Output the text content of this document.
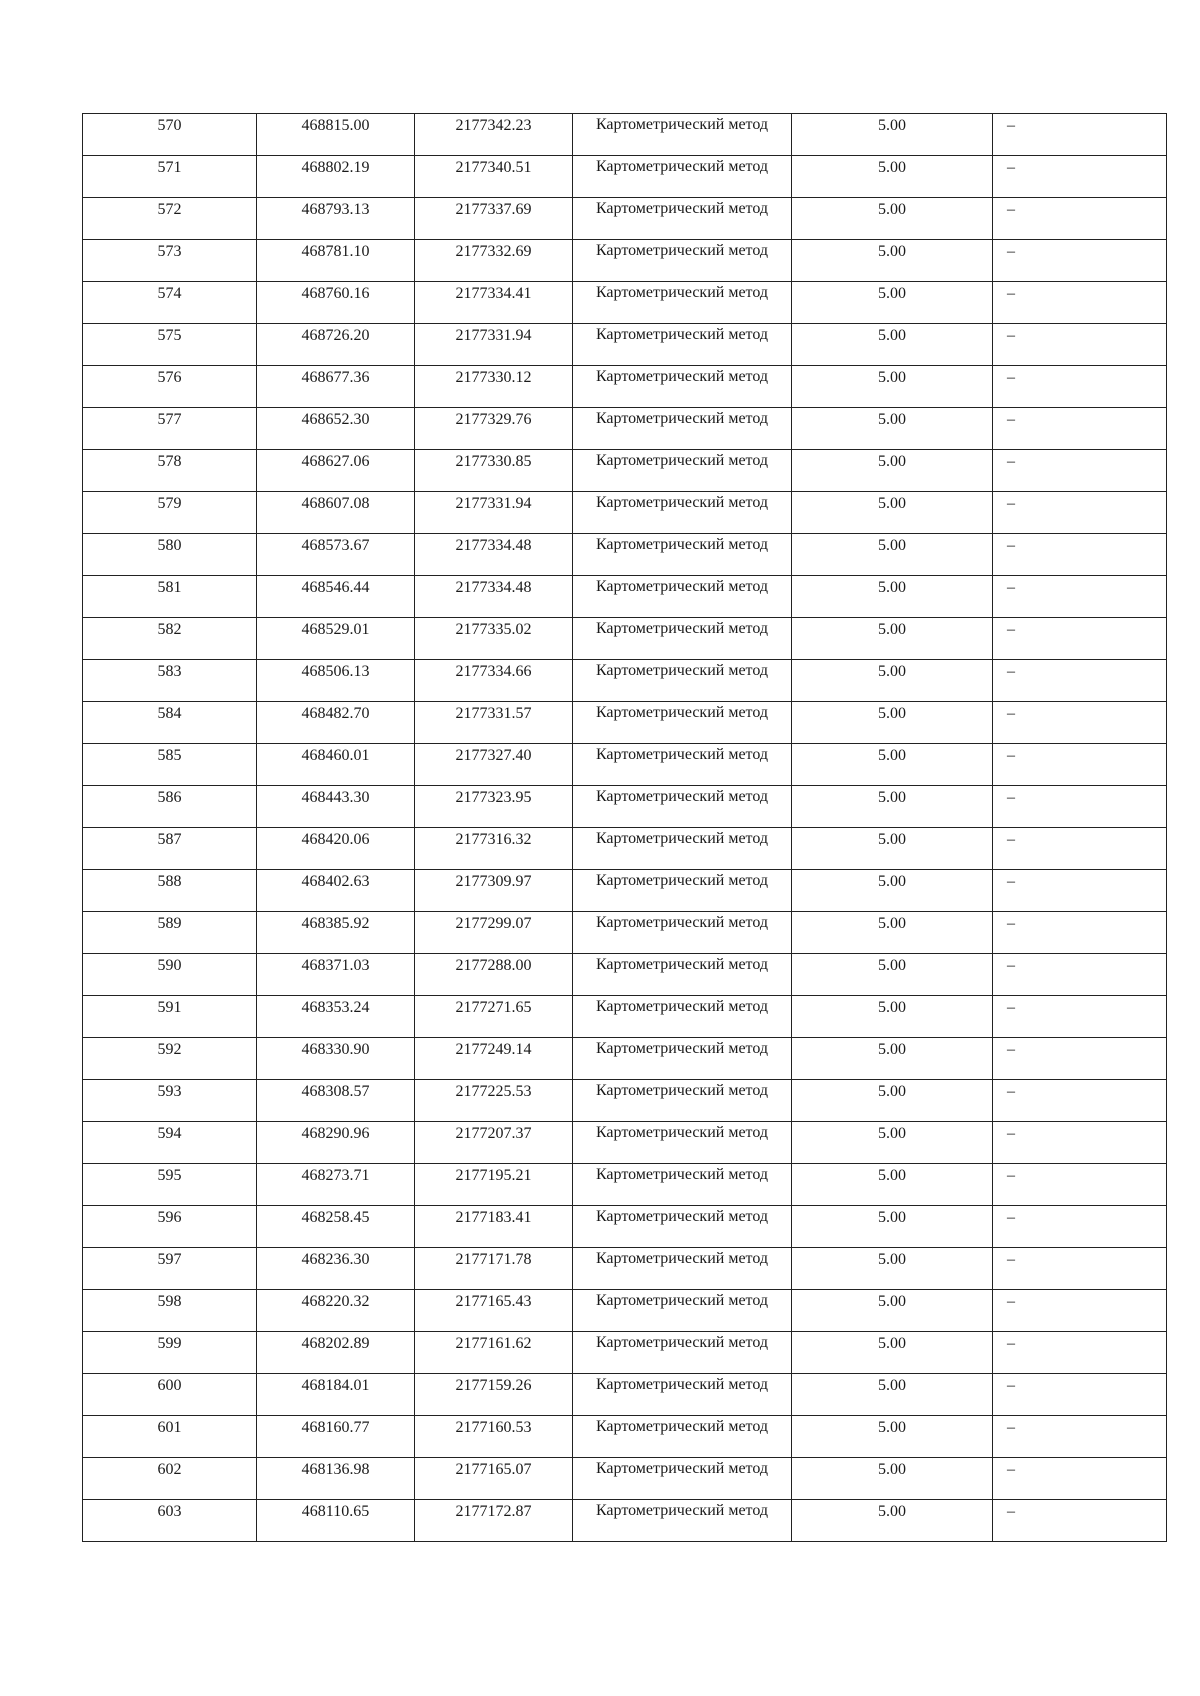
570	468815.00	2177342.23	Картометрический метод	5.00	–

571	468802.19	2177340.51	Картометрический метод	5.00	–

572	468793.13	2177337.69	Картометрический метод	5.00	–

573	468781.10	2177332.69	Картометрический метод	5.00	–

574	468760.16	2177334.41	Картометрический метод	5.00	–

575	468726.20	2177331.94	Картометрический метод	5.00	–

576	468677.36	2177330.12	Картометрический метод	5.00	–

577	468652.30	2177329.76	Картометрический метод	5.00	–

578	468627.06	2177330.85	Картометрический метод	5.00	–

579	468607.08	2177331.94	Картометрический метод	5.00	–

580	468573.67	2177334.48	Картометрический метод	5.00	–

581	468546.44	2177334.48	Картометрический метод	5.00	–

582	468529.01	2177335.02	Картометрический метод	5.00	–

583	468506.13	2177334.66	Картометрический метод	5.00	–

584	468482.70	2177331.57	Картометрический метод	5.00	–

585	468460.01	2177327.40	Картометрический метод	5.00	–

586	468443.30	2177323.95	Картометрический метод	5.00	–

587	468420.06	2177316.32	Картометрический метод	5.00	–

588	468402.63	2177309.97	Картометрический метод	5.00	–

589	468385.92	2177299.07	Картометрический метод	5.00	–

590	468371.03	2177288.00	Картометрический метод	5.00	–

591	468353.24	2177271.65	Картометрический метод	5.00	–

592	468330.90	2177249.14	Картометрический метод	5.00	–

593	468308.57	2177225.53	Картометрический метод	5.00	–

594	468290.96	2177207.37	Картометрический метод	5.00	–

595	468273.71	2177195.21	Картометрический метод	5.00	–

596	468258.45	2177183.41	Картометрический метод	5.00	–

597	468236.30	2177171.78	Картометрический метод	5.00	–

598	468220.32	2177165.43	Картометрический метод	5.00	–

599	468202.89	2177161.62	Картометрический метод	5.00	–

600	468184.01	2177159.26	Картометрический метод	5.00	–

601	468160.77	2177160.53	Картометрический метод	5.00	–

602	468136.98	2177165.07	Картометрический метод	5.00	–

603	468110.65	2177172.87	Картометрический метод	5.00	–
